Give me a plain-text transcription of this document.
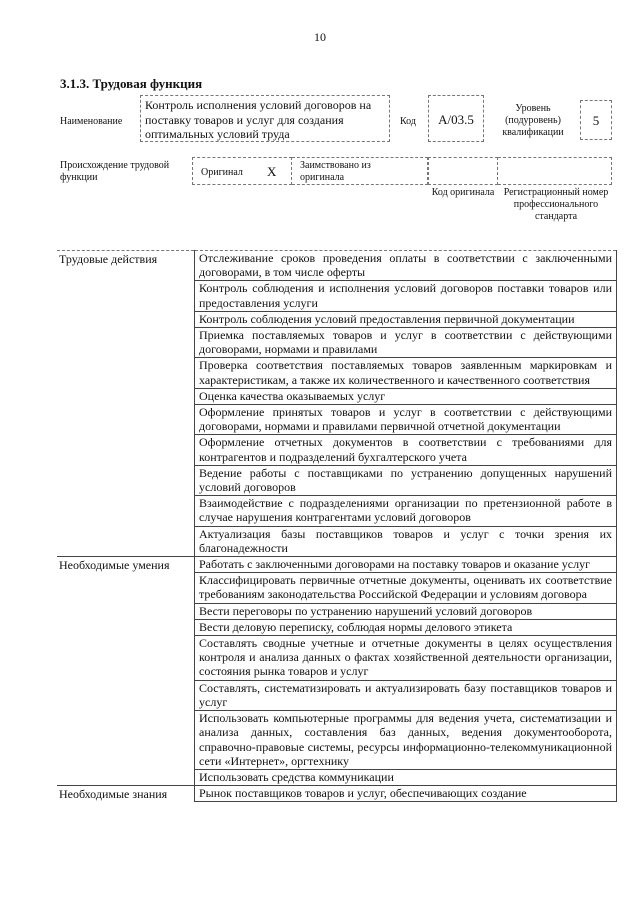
10
3.1.3. Трудовая функция
Наименование
Контроль исполнения условий договоров на поставку товаров и услуг для создания оптимальных условий труда
Код	A/03.5
Уровень (подуровень) квалификации
5
Происхождение трудовой функции	Оригинал X Заимствовано из оригинала
Код оригинала Регистрационный номер профессионального стандарта
Трудовые действия	Отслеживание сроков проведения оплаты в соответствии с заключенными договорами, в том числе оферты
	Контроль соблюдения и исполнения условий договоров поставки товаров или предоставления услуги
	Контроль соблюдения условий предоставления первичной документации
	Приемка поставляемых товаров и услуг в соответствии с действующими договорами, нормами и правилами
	Проверка соответствия поставляемых товаров заявленным маркировкам и характеристикам, а также их количественного и качественного соответствия
	Оценка качества оказываемых услуг
	Оформление принятых товаров и услуг в соответствии с действующими договорами, нормами и правилами первичной отчетной документации
	Оформление отчетных документов в соответствии с требованиями для контрагентов и подразделений бухгалтерского учета
	Ведение работы с поставщиками по устранению допущенных нарушений условий договоров
	Взаимодействие с подразделениями организации по претензионной работе в случае нарушения контрагентами условий договоров
	Актуализация базы поставщиков товаров и услуг с точки зрения их благонадежности
Необходимые умения	Работать с заключенными договорами на поставку товаров и оказание услуг
	Классифицировать первичные отчетные документы, оценивать их соответствие требованиям законодательства Российской Федерации и условиям договора
	Вести переговоры по устранению нарушений условий договоров
	Вести деловую переписку, соблюдая нормы делового этикета
	Составлять сводные учетные и отчетные документы в целях осуществления контроля и анализа данных о фактах хозяйственной деятельности организации, состояния рынка товаров и услуг
	Составлять, систематизировать и актуализировать базу поставщиков товаров и услуг
	Использовать компьютерные программы для ведения учета, систематизации и анализа данных, составления баз данных, ведения документооборота, справочно-правовые системы, ресурсы информационно-телекоммуникационной сети «Интернет», оргтехнику
	Использовать средства коммуникации
Необходимые знания	Рынок поставщиков товаров и услуг, обеспечивающих создание
